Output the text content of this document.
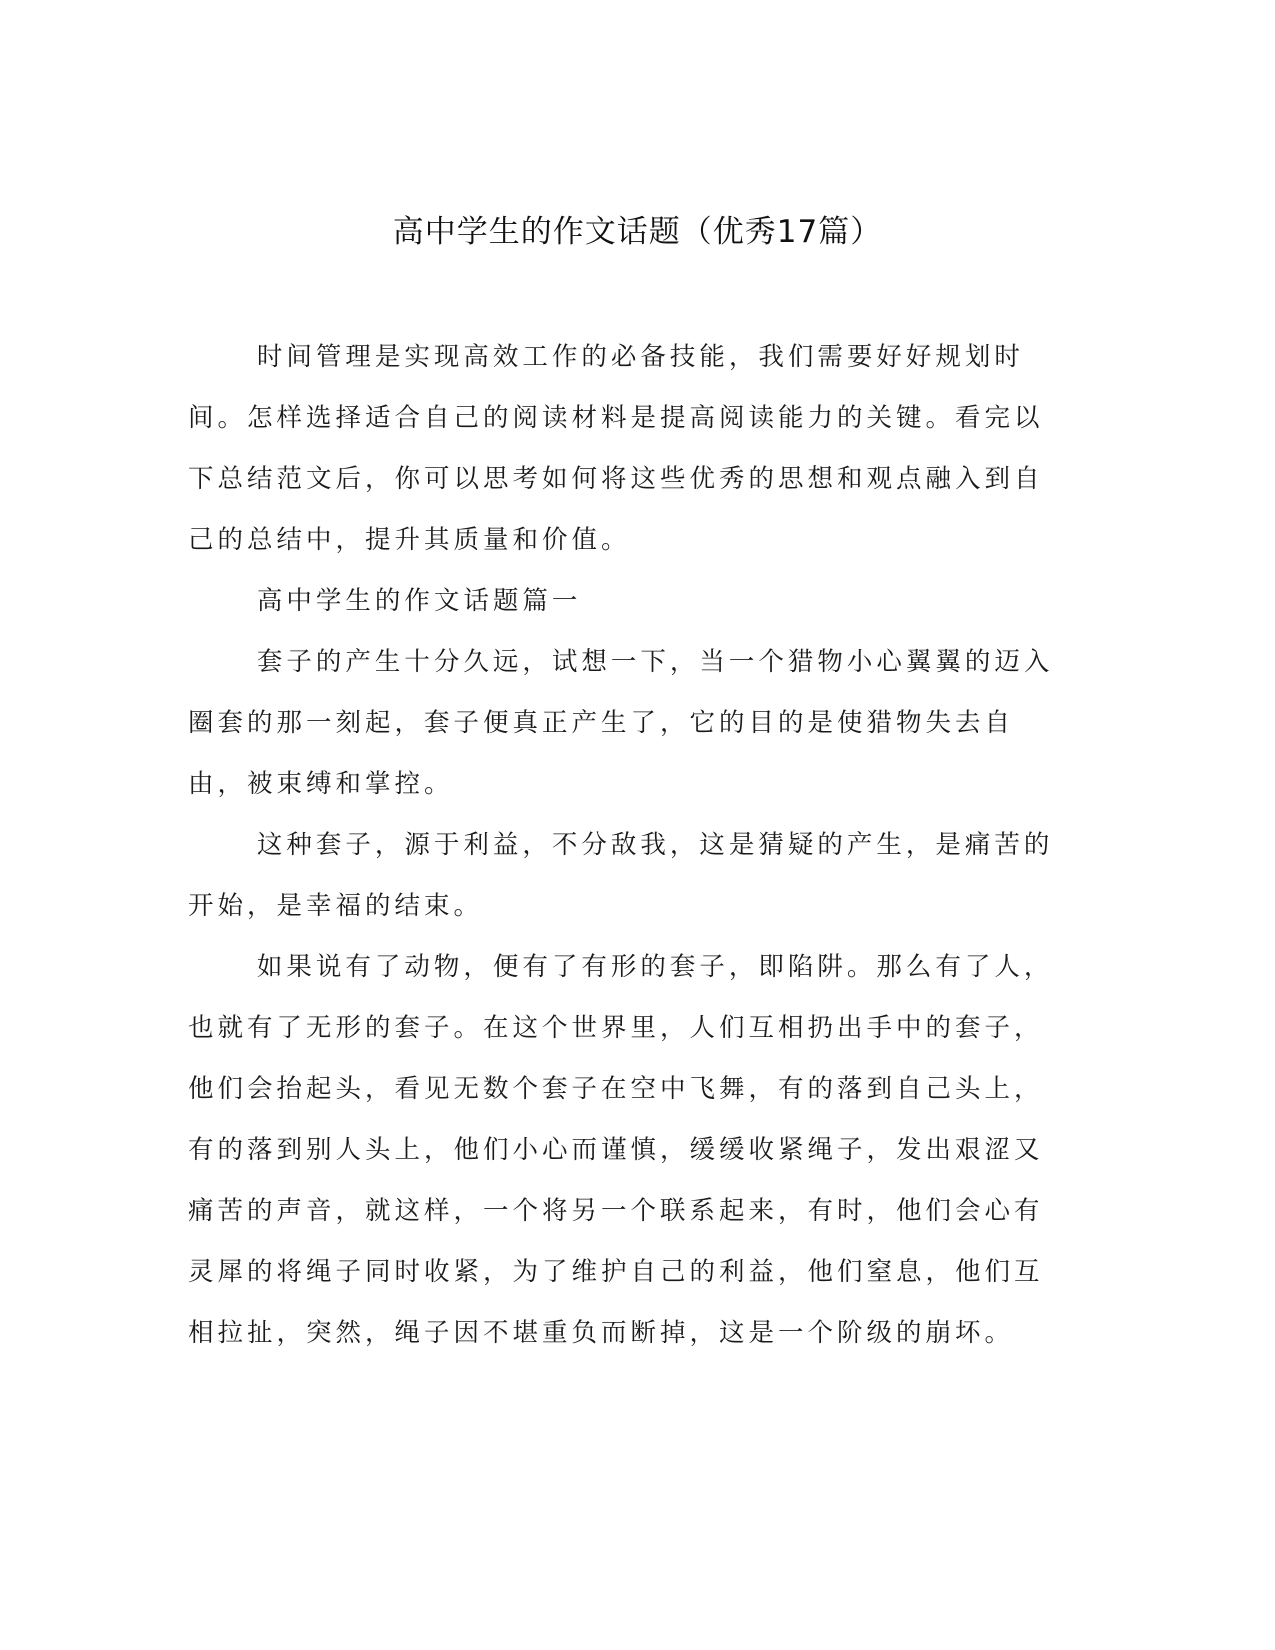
高中学生的作文话题（优秀17篇）

时间管理是实现高效工作的必备技能，我们需要好好规划时间。怎样选择适合自己的阅读材料是提高阅读能力的关键。看完以下总结范文后，你可以思考如何将这些优秀的思想和观点融入到自己的总结中，提升其质量和价值。

高中学生的作文话题篇一

套子的产生十分久远，试想一下，当一个猎物小心翼翼的迈入圈套的那一刻起，套子便真正产生了，它的目的是使猎物失去自由，被束缚和掌控。

这种套子，源于利益，不分敌我，这是猜疑的产生，是痛苦的开始，是幸福的结束。

如果说有了动物，便有了有形的套子，即陷阱。那么有了人，也就有了无形的套子。在这个世界里，人们互相扔出手中的套子，他们会抬起头，看见无数个套子在空中飞舞，有的落到自己头上，有的落到别人头上，他们小心而谨慎，缓缓收紧绳子，发出艰涩又痛苦的声音，就这样，一个将另一个联系起来，有时，他们会心有灵犀的将绳子同时收紧，为了维护自己的利益，他们窒息，他们互相拉扯，突然，绳子因不堪重负而断掉，这是一个阶级的崩坏。
